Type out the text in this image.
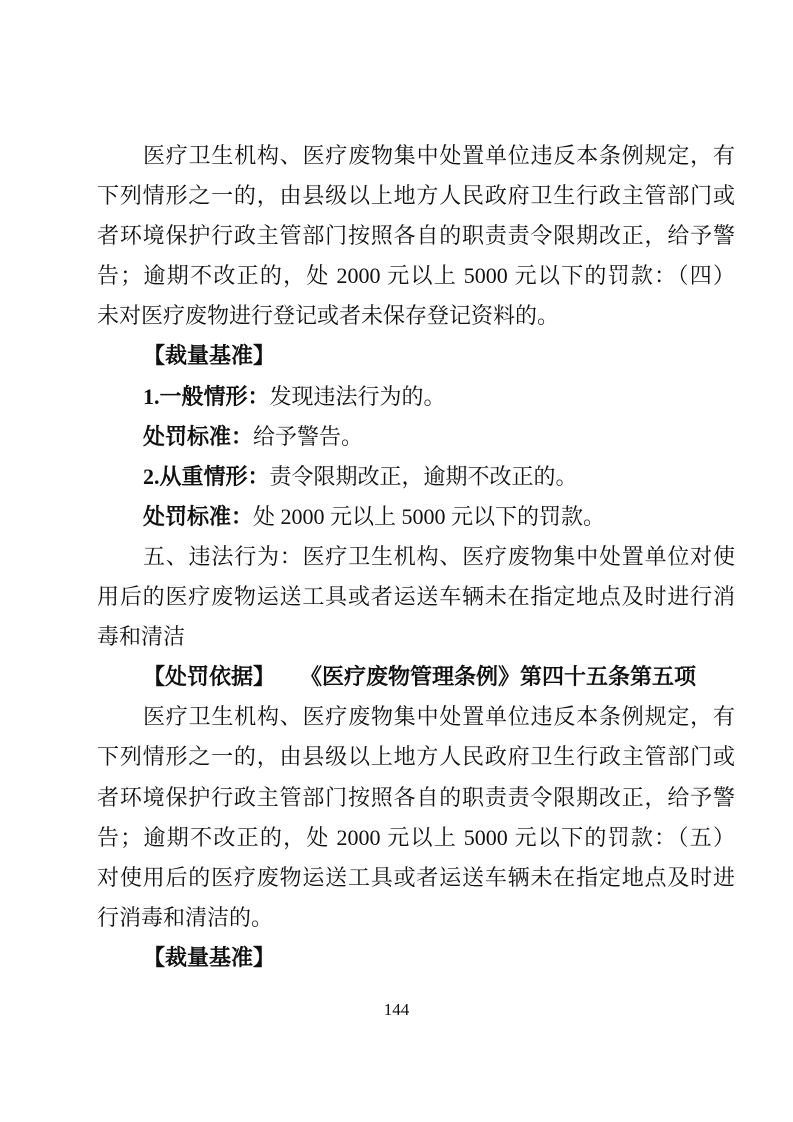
医疗卫生机构、医疗废物集中处置单位违反本条例规定，有
下列情形之一的，由县级以上地方人民政府卫生行政主管部门或
者环境保护行政主管部门按照各自的职责责令限期改正，给予警
告；逾期不改正的，处 2000 元以上 5000 元以下的罚款：（四）
未对医疗废物进行登记或者未保存登记资料的。
【裁量基准】
1.一般情形：发现违法行为的。
处罚标准：给予警告。
2.从重情形：责令限期改正，逾期不改正的。
处罚标准：处 2000 元以上 5000 元以下的罚款。
五、违法行为：医疗卫生机构、医疗废物集中处置单位对使
用后的医疗废物运送工具或者运送车辆未在指定地点及时进行消
毒和清洁
【处罚依据】 《医疗废物管理条例》第四十五条第五项
医疗卫生机构、医疗废物集中处置单位违反本条例规定，有
下列情形之一的，由县级以上地方人民政府卫生行政主管部门或
者环境保护行政主管部门按照各自的职责责令限期改正，给予警
告；逾期不改正的，处 2000 元以上 5000 元以下的罚款：（五）
对使用后的医疗废物运送工具或者运送车辆未在指定地点及时进
行消毒和清洁的。
【裁量基准】
144
